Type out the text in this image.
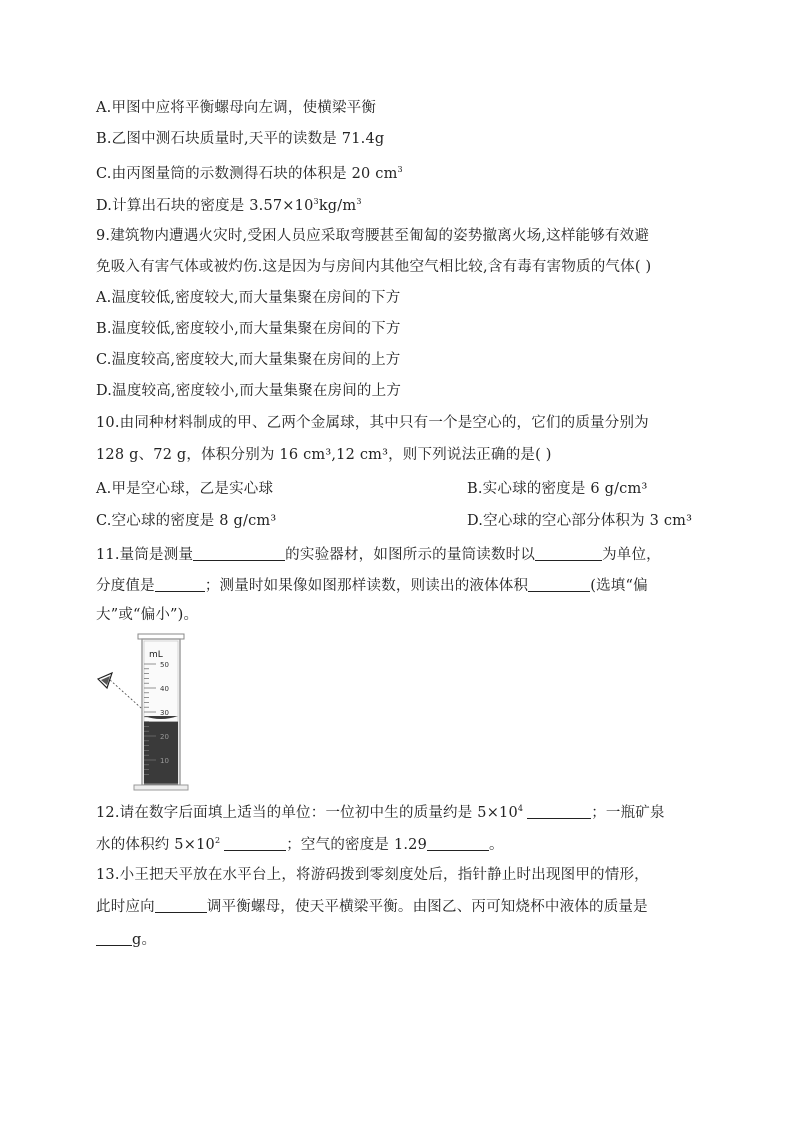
A.甲图中应将平衡螺母向左调，使横梁平衡
B.乙图中测石块质量时,天平的读数是 71.4g
C.由丙图量筒的示数测得石块的体积是 20 $cm^3$
D.计算出石块的密度是 $3.57\times 10^3kg/m^3$
9.建筑物内遭遇火灾时,受困人员应采取弯腰甚至匍匐的姿势撤离火场,这样能够有效避
免吸入有害气体或被灼伤.这是因为与房间内其他空气相比较,含有毒有害物质的气体( )
A.温度较低,密度较大,而大量集聚在房间的下方
B.温度较低,密度较小,而大量集聚在房间的下方
C.温度较高,密度较大,而大量集聚在房间的上方
D.温度较高,密度较小,而大量集聚在房间的上方
10.由同种材料制成的甲、乙两个金属球，其中只有一个是空心的，它们的质量分别为
128 g、72 g，体积分别为 16 cm³,12 cm³，则下列说法正确的是( )
A.甲是空心球，乙是实心球	B.实心球的密度是 6 g/cm³
C.空心球的密度是 8 g/cm³	D.空心球的空心部分体积为 3 cm³
11.量筒是测量	的实验器材，如图所示的量筒读数时以	为单位，
分度值是	；测量时如果像如图那样读数，则读出的液体体积	(选填“偏
大”或“偏小”)。
mL
50
40
30
20
10
12.请在数字后面填上适当的单位：一位初中生的质量约是 $5\times 10^4$	；一瓶矿泉
水的体积约 $5\times 10^2$	；空气的密度是 1.29	。
13.小王把天平放在水平台上，将游码拨到零刻度处后，指针静止时出现图甲的情形，
此时应向	调平衡螺母，使天平横梁平衡。由图乙、丙可知烧杯中液体的质量是
g。
